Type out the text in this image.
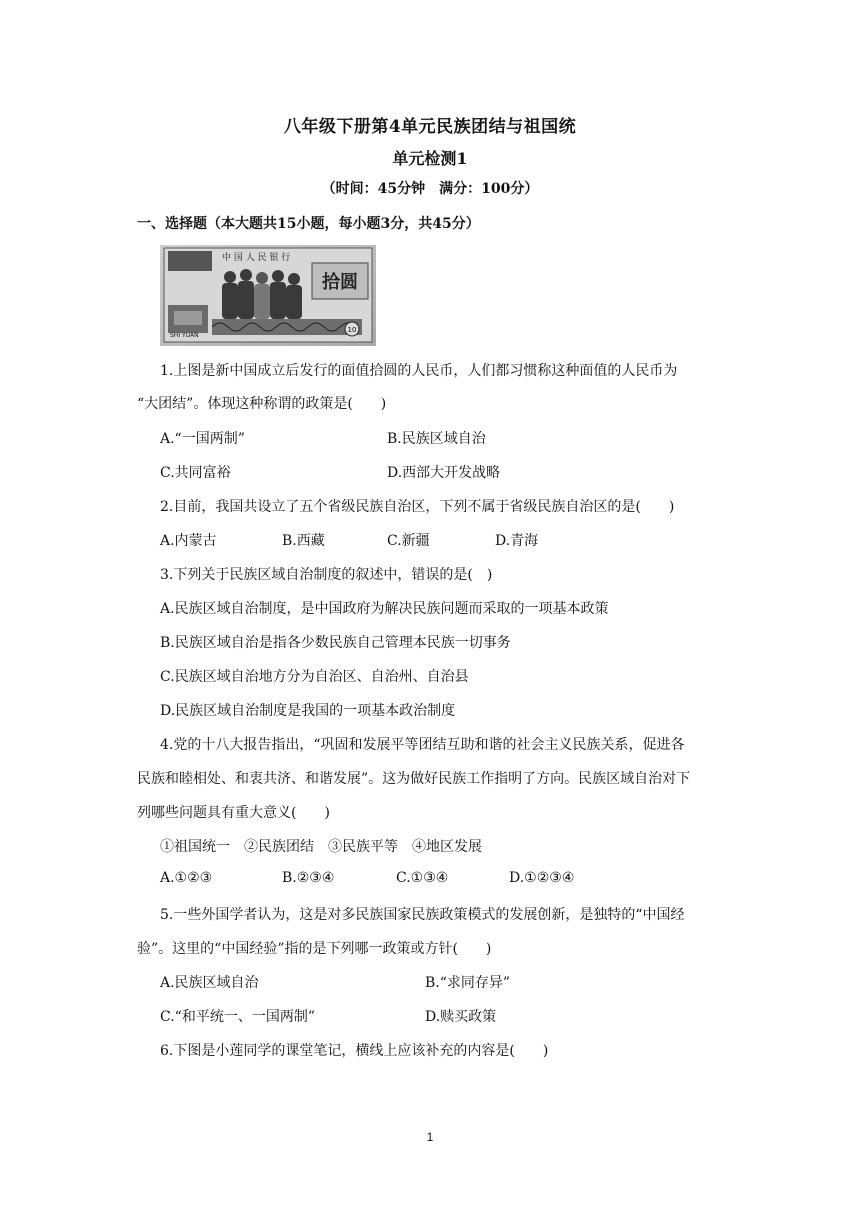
八年级下册第4单元民族团结与祖国统
单元检测1
（时间：45分钟　满分：100分）
一、选择题（本大题共15小题，每小题3分，共45分）
中 国 人 民 银 行
拾圆
SHI YUAN
10
1.上图是新中国成立后发行的面值拾圆的人民币，人们都习惯称这种面值的人民币为
“大团结”。体现这种称谓的政策是(　　)
A.“一国两制”	B.民族区域自治
C.共同富裕	D.西部大开发战略
2.目前，我国共设立了五个省级民族自治区，下列不属于省级民族自治区的是(　　)
A.内蒙古	B.西藏	C.新疆	D.青海
3.下列关于民族区域自治制度的叙述中，错误的是(　)
A.民族区域自治制度，是中国政府为解决民族问题而采取的一项基本政策
B.民族区域自治是指各少数民族自己管理本民族一切事务
C.民族区域自治地方分为自治区、自治州、自治县
D.民族区域自治制度是我国的一项基本政治制度
4.党的十八大报告指出，“巩固和发展平等团结互助和谐的社会主义民族关系，促进各
民族和睦相处、和衷共济、和谐发展”。这为做好民族工作指明了方向。民族区域自治对下
列哪些问题具有重大意义(　　)
①祖国统一　②民族团结　③民族平等　④地区发展
A.①②③	B.②③④	C.①③④	D.①②③④
5.一些外国学者认为，这是对多民族国家民族政策模式的发展创新，是独特的“中国经
验”。这里的“中国经验”指的是下列哪一政策或方针(　　)
A.民族区域自治	B.“求同存异”
C.“和平统一、一国两制”	D.赎买政策
6.下图是小莲同学的课堂笔记，横线上应该补充的内容是(　　)
1
